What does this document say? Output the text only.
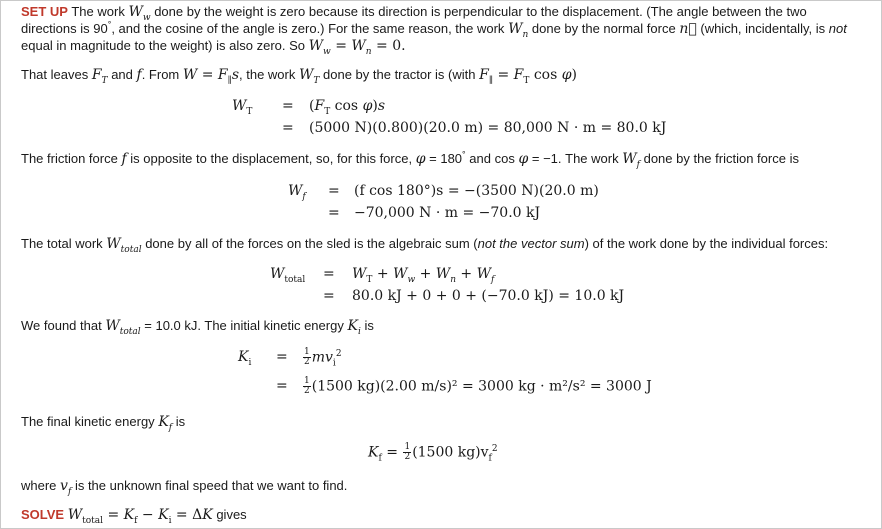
SET UP The work $W_w$ done by the weight is zero because its direction is perpendicular to the displacement. (The angle between the two
directions is 90°, and the cosine of the angle is zero.) For the same reason, the work $W_n$ done by the normal force n⃗ (which, incidentally, is not
equal in magnitude to the weight) is also zero. So $W_w = W_n = 0$.
That leaves $F_T$ and f. From $W = F_\parallel s$, the work $W_T$ done by the tractor is (with $F_\parallel = F_T$ cos φ)
$W_T = (F_T$ cos φ)s
= (5000 N)(0.800)(20.0 m) = 80,000 N · m = 80.0 kJ
The friction force f is opposite to the displacement, so, for this force, φ = 180° and cos φ = −1. The work $W_f$ done by the friction force is
$W_f = (f$ cos 180°)s = −(3500 N)(20.0 m)
= −70,000 N · m = −70.0 kJ
The total work $W_{total}$ done by all of the forces on the sled is the algebraic sum (not the vector sum) of the work done by the individual forces:
$W_{total} = W_T + W_w + W_n + W_f$
= 80.0 kJ + 0 + 0 + (−70.0 kJ) = 10.0 kJ
We found that $W_{total} = 10.0$ kJ. The initial kinetic energy $K_i$ is
$K_i = \frac{1}{2} mv_i^2$
= $\frac{1}{2} (1500$ kg)(2.00 m/s)² = 3000 kg · m²/s² = 3000 J
The final kinetic energy $K_f$ is
$K_f = \frac{1}{2} (1500$ $kg)v_f^2$
where $v_f$ is the unknown final speed that we want to find.
SOLVE $W_{total} = K_f - K_i = \Delta K$ gives
